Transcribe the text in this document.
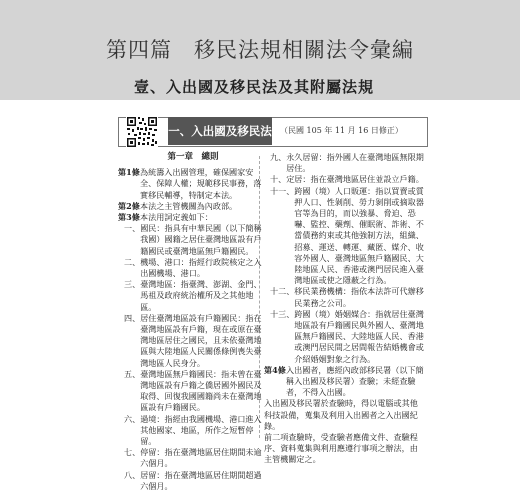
第四篇　移民法規相關法令彙編
壹、入出國及移民法及其附屬法規
一、入出國及移民法 （民國 105 年 11 月 16 日修正）
第一章　總則
第1條 為統籌入出國管理，確保國家安全、保障人權；規範移民事務，落實移民輔導，特制定本法。
第2條 本法之主管機關為內政部。
第3條 本法用詞定義如下：
一、 國民：指具有中華民國（以下簡稱我國）國籍之居住臺灣地區設有戶籍國民或臺灣地區無戶籍國民。
二、 機場、港口：指經行政院核定之入出國機場、港口。
三、 臺灣地區：指臺灣、澎湖、金門、馬祖及政府統治權所及之其他地區。
四、 居住臺灣地區設有戶籍國民：指在臺灣地區設有戶籍，現在或原在臺灣地區居住之國民，且未依臺灣地區與大陸地區人民關係條例喪失臺灣地區人民身分。
五、 臺灣地區無戶籍國民：指未曾在臺灣地區設有戶籍之僑居國外國民及取得、回復我國國籍尚未在臺灣地區設有戶籍國民。
六、 過境：指經由我國機場、港口進入其他國家、地區，所作之短暫停留。
七、 停留：指在臺灣地區居住期間未逾六個月。
八、 居留：指在臺灣地區居住期間超過六個月。
九、 永久居留：指外國人在臺灣地區無限期居住。
十、 定居：指在臺灣地區居住並設立戶籍。
十一、 跨國（境）人口販運：指以買賣或質押人口、性剝削、勞力剝削或摘取器官等為目的，而以強暴、脅迫、恐嚇、監控、藥劑、催眠術、詐術、不當債務約束或其他強制方法，組織、招募、運送、轉運、藏匿、媒介、收容外國人、臺灣地區無戶籍國民、大陸地區人民、香港或澳門居民進入臺灣地區或使之隱蔽之行為。
十二、 移民業務機構：指依本法許可代辦移民業務之公司。
十三、 跨國（境）婚姻媒合：指就居住臺灣地區設有戶籍國民與外國人、臺灣地區無戶籍國民、大陸地區人民、香港或澳門居民間之居間報告結婚機會或介紹婚姻對象之行為。
第4條 入出國者，應經內政部移民署（以下簡稱入出國及移民署）查驗；未經查驗者，不得入出國。

入出國及移民署於查驗時，得以電腦或其他科技設備，蒐集及利用入出國者之入出國紀錄。

前二項查驗時，受查驗者應備文件、查驗程序、資料蒐集與利用應遵行事項之辦法，由主管機關定之。
